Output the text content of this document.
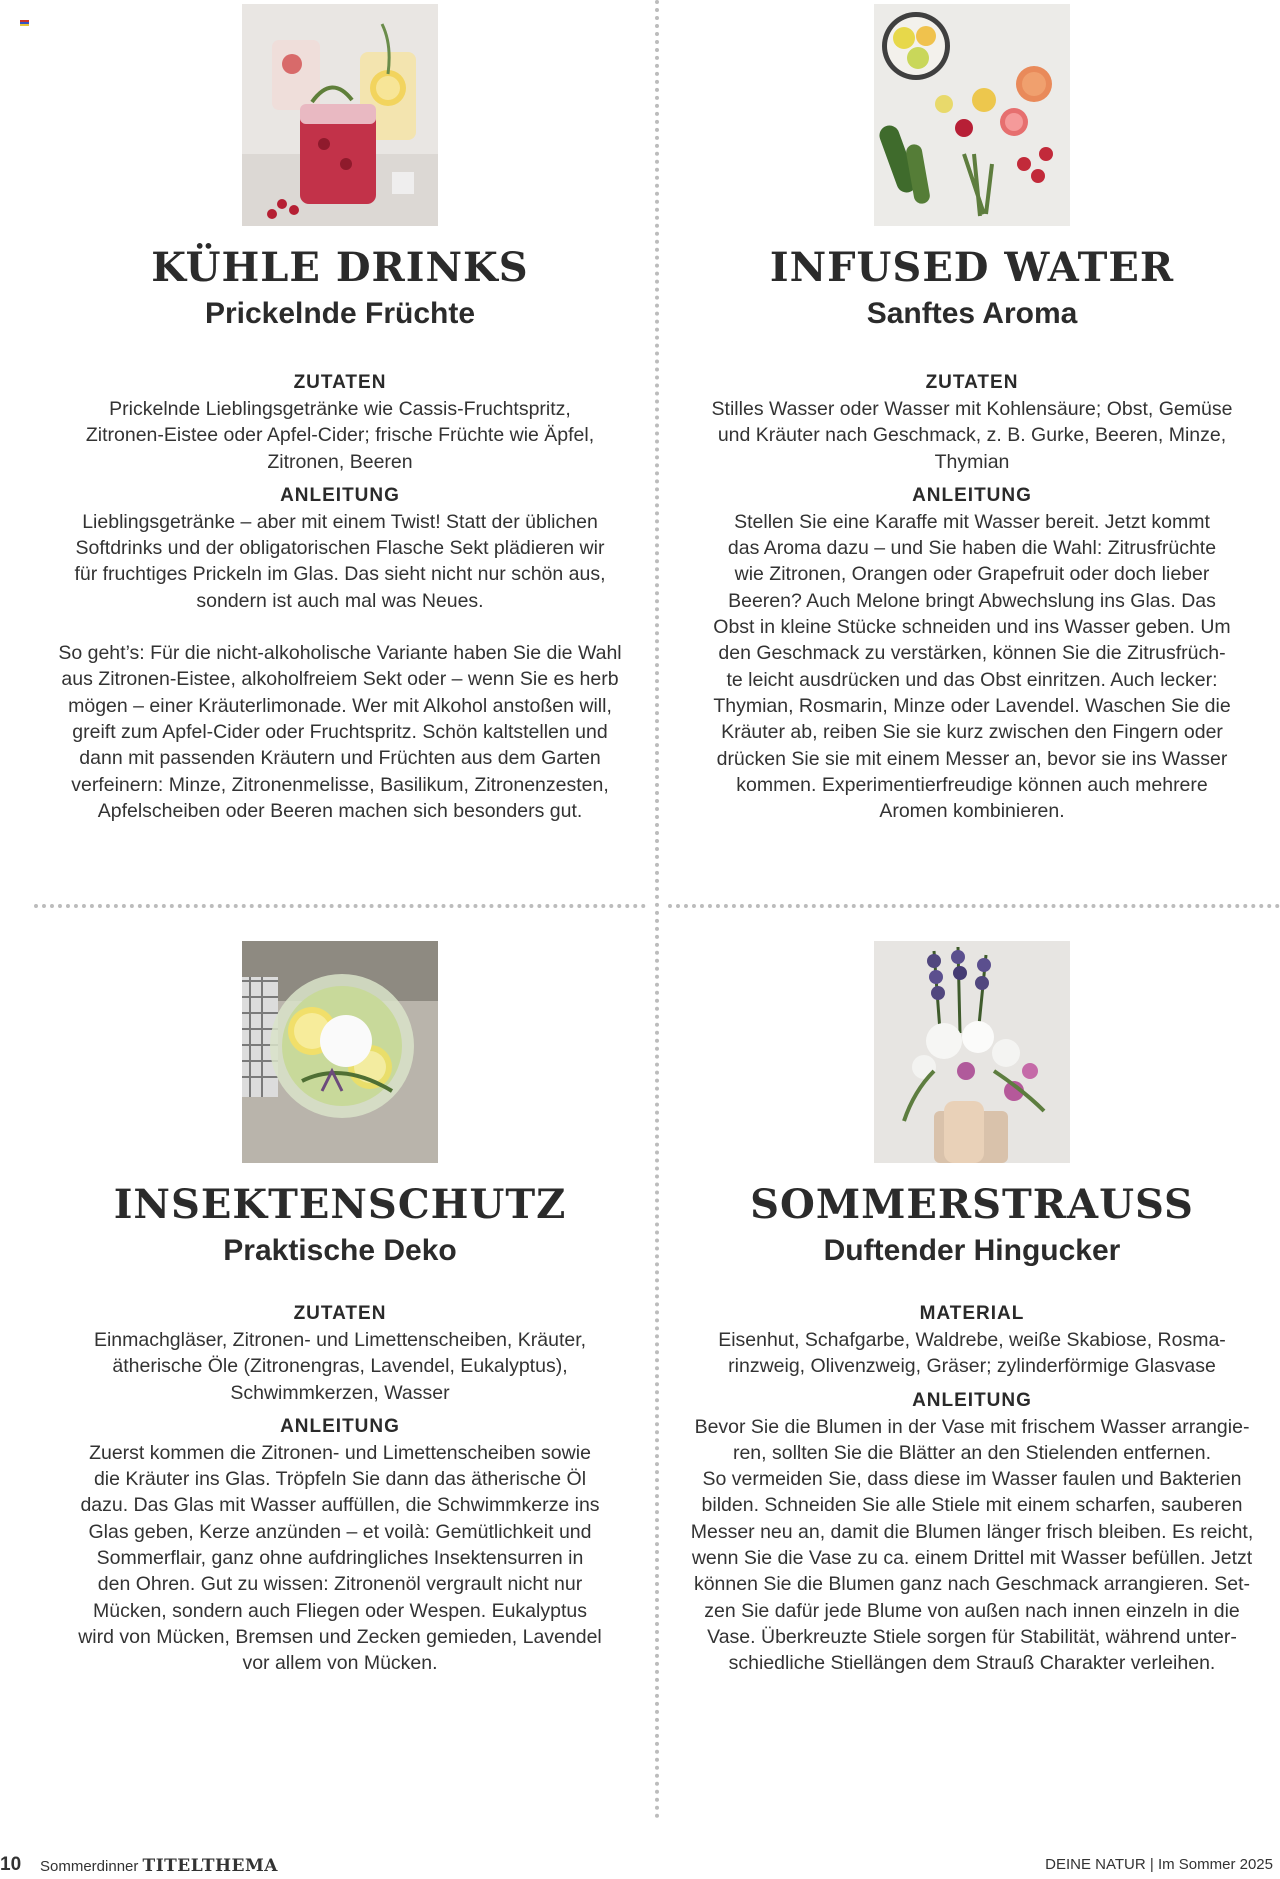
KÜHLE DRINKS
Prickelnde Früchte
ZUTATEN

Prickelnde Lieblingsgetränke wie Cassis-Fruchtspritz,

Zitronen-Eistee oder Apfel-Cider; frische Früchte wie Äpfel,

Zitronen, Beeren

ANLEITUNG

Lieblingsgetränke – aber mit einem Twist! Statt der üblichen

Softdrinks und der obligatorischen Flasche Sekt plädieren wir

für fruchtiges Prickeln im Glas. Das sieht nicht nur schön aus,

sondern ist auch mal was Neues.

So geht’s: Für die nicht-alkoholische Variante haben Sie die Wahl

aus Zitronen-Eistee, alkoholfreiem Sekt oder – wenn Sie es herb

mögen – einer Kräuterlimonade. Wer mit Alkohol anstoßen will,

greift zum Apfel-Cider oder Fruchtspritz. Schön kaltstellen und

dann mit passenden Kräutern und Früchten aus dem Garten

verfeinern: Minze, Zitronenmelisse, Basilikum, Zitronenzesten,

Apfelscheiben oder Beeren machen sich besonders gut.

INFUSED WATER
Sanftes Aroma
ZUTATEN

Stilles Wasser oder Wasser mit Kohlensäure; Obst, Gemüse

und Kräuter nach Geschmack, z. B. Gurke, Beeren, Minze,

Thymian

ANLEITUNG

Stellen Sie eine Karaffe mit Wasser bereit. Jetzt kommt

das Aroma dazu – und Sie haben die Wahl: Zitrusfrüchte

wie Zitronen, Orangen oder Grapefruit oder doch lieber

Beeren? Auch Melone bringt Abwechslung ins Glas. Das

Obst in kleine Stücke schneiden und ins Wasser geben. Um

den Geschmack zu verstärken, können Sie die Zitrusfrüch-

te leicht ausdrücken und das Obst einritzen. Auch lecker:

Thymian, Rosmarin, Minze oder Lavendel. Waschen Sie die

Kräuter ab, reiben Sie sie kurz zwischen den Fingern oder

drücken Sie sie mit einem Messer an, bevor sie ins Wasser

kommen. Experimentierfreudige können auch mehrere

Aromen kombinieren.

INSEKTENSCHUTZ
Praktische Deko
ZUTATEN

Einmachgläser, Zitronen- und Limettenscheiben, Kräuter,

ätherische Öle (Zitronengras, Lavendel, Eukalyptus),

Schwimmkerzen, Wasser

ANLEITUNG

Zuerst kommen die Zitronen- und Limettenscheiben sowie

die Kräuter ins Glas. Tröpfeln Sie dann das ätherische Öl

dazu. Das Glas mit Wasser auffüllen, die Schwimmkerze ins

Glas geben, Kerze anzünden – et voilà: Gemütlichkeit und

Sommerflair, ganz ohne aufdringliches Insektensurren in

den Ohren. Gut zu wissen: Zitronenöl vergrault nicht nur

Mücken, sondern auch Fliegen oder Wespen. Eukalyptus

wird von Mücken, Bremsen und Zecken gemieden, Lavendel

vor allem von Mücken.

SOMMERSTRAUSS
Duftender Hingucker
MATERIAL

Eisenhut, Schafgarbe, Waldrebe, weiße Skabiose, Rosma-

rinzweig, Olivenzweig, Gräser; zylinderförmige Glasvase

ANLEITUNG

Bevor Sie die Blumen in der Vase mit frischem Wasser arrangie-

ren, sollten Sie die Blätter an den Stielenden entfernen.

So vermeiden Sie, dass diese im Wasser faulen und Bakterien

bilden. Schneiden Sie alle Stiele mit einem scharfen, sauberen

Messer neu an, damit die Blumen länger frisch bleiben. Es reicht,

wenn Sie die Vase zu ca. einem Drittel mit Wasser befüllen. Jetzt

können Sie die Blumen ganz nach Geschmack arrangieren. Set-

zen Sie dafür jede Blume von außen nach innen einzeln in die

Vase. Überkreuzte Stiele sorgen für Stabilität, während unter-

schiedliche Stiellängen dem Strauß Charakter verleihen.

10 Sommerdinner TITELTHEMA	DEINE NATUR | Im Sommer 2025
